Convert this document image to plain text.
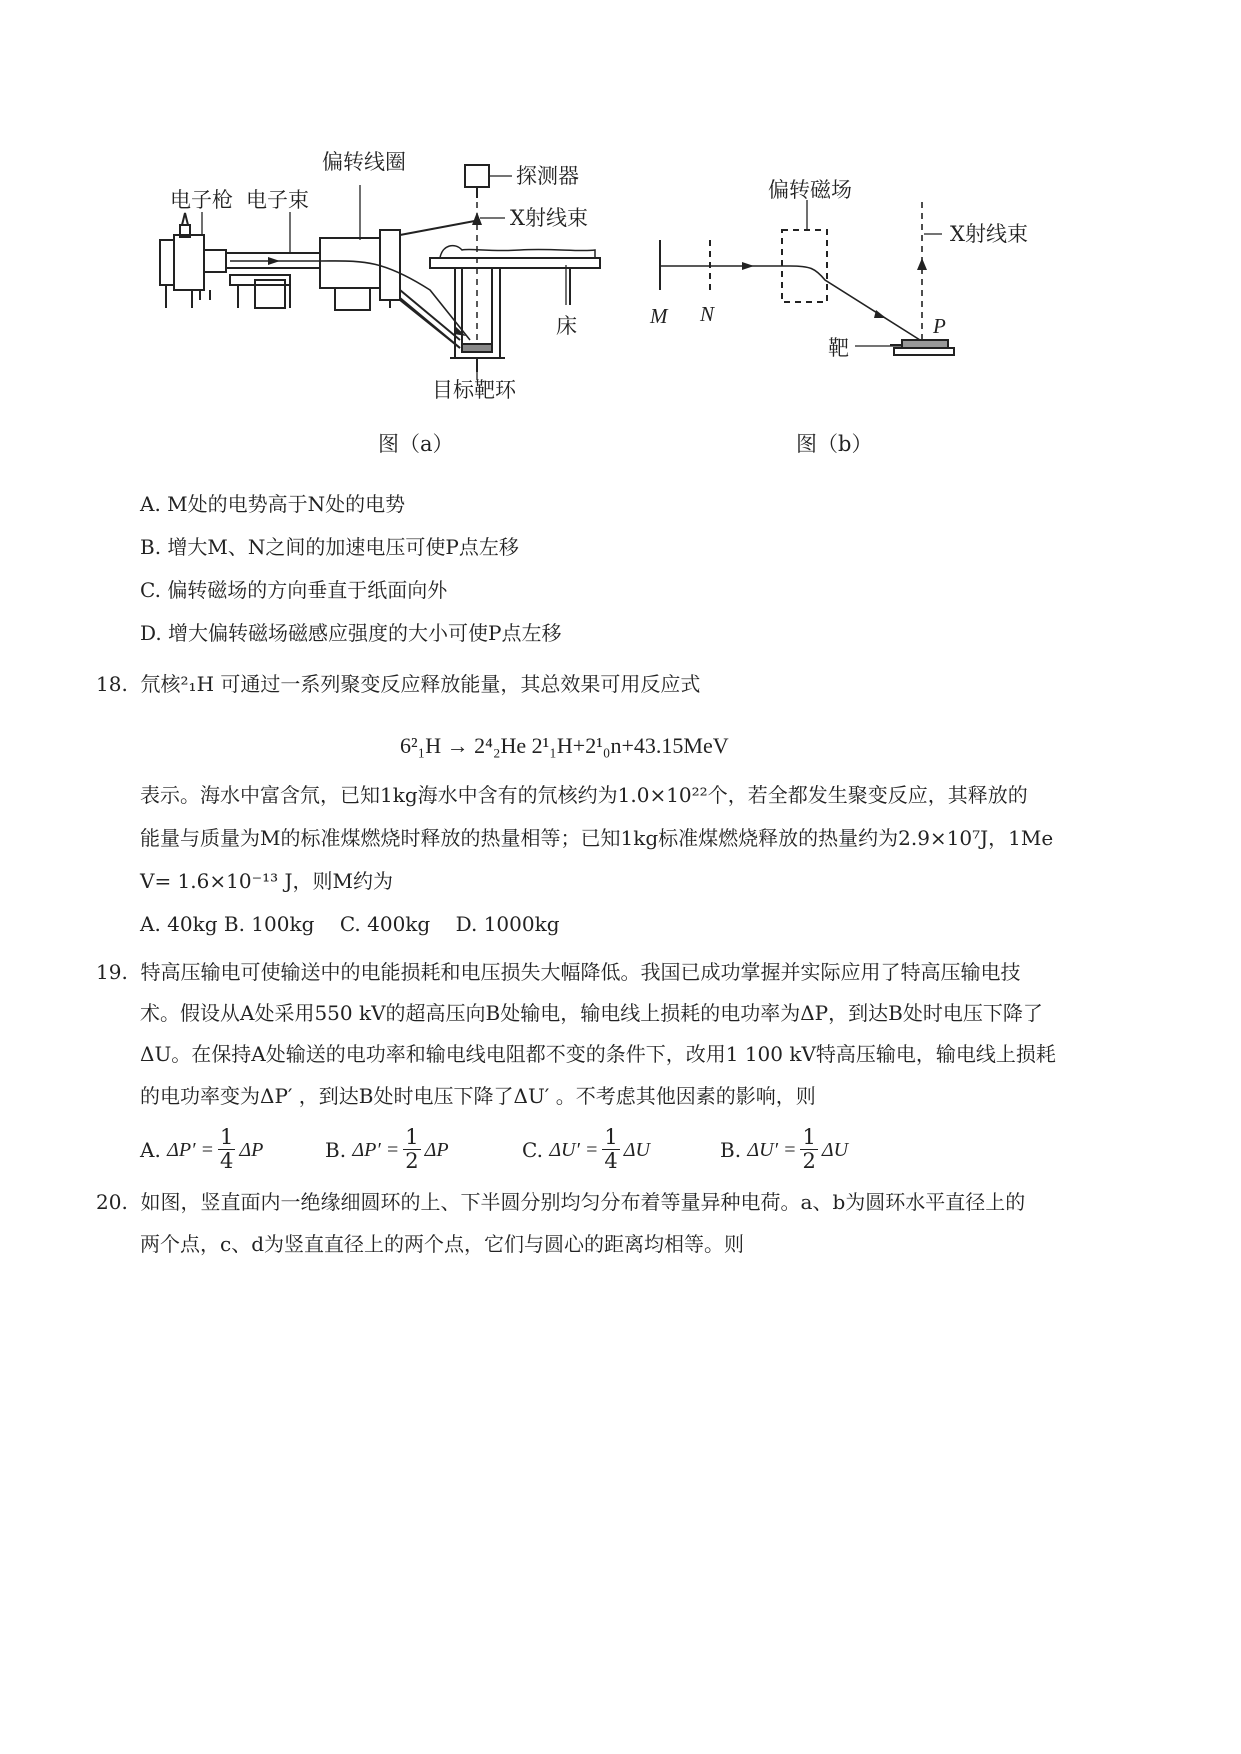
偏转线圈
电子枪 电子束
探测器
X射线束
床
目标靶环
图（a）
偏转磁场
X射线束
M N	P
靶
图（b）
A. M处的电势高于N处的电势
B. 增大M、N之间的加速电压可使P点左移
C. 偏转磁场的方向垂直于纸面向外
D. 增大偏转磁场磁感应强度的大小可使P点左移
18. 氘核²₁H 可通过一系列聚变反应释放能量，其总效果可用反应式
6²₁H → 2⁴₂He 2¹₁H+2¹₀n+43.15MeV
表示。海水中富含氘，已知1kg海水中含有的氘核约为1.0×10²²个，若全都发生聚变反应，其释放的
能量与质量为M的标准煤燃烧时释放的热量相等；已知1kg标准煤燃烧释放的热量约为2.9×10⁷J，1Me
V= 1.6×10⁻¹³ J，则M约为
A. 40kg B. 100kg    C. 400kg    D. 1000kg
19. 特高压输电可使输送中的电能损耗和电压损失大幅降低。我国已成功掌握并实际应用了特高压输电技
术。假设从A处采用550 kV的超高压向B处输电，输电线上损耗的电功率为ΔP，到达B处时电压下降了
ΔU。在保持A处输送的电功率和输电线电阻都不变的条件下，改用1 100 kV特高压输电，输电线上损耗
的电功率变为ΔP′ ，到达B处时电压下降了ΔU′ 。不考虑其他因素的影响，则
A.
$\Delta P' = \frac{1}{4}$ ΔP	B.
$\Delta P' = \frac{1}{2}$ ΔP	C.
$\Delta U' = \frac{1}{4}$ ΔU	B.
$\Delta U' = \frac{1}{2}$ ΔU
20. 如图，竖直面内一绝缘细圆环的上、下半圆分别均匀分布着等量异种电荷。a、b为圆环水平直径上的
两个点，c、d为竖直直径上的两个点，它们与圆心的距离均相等。则
